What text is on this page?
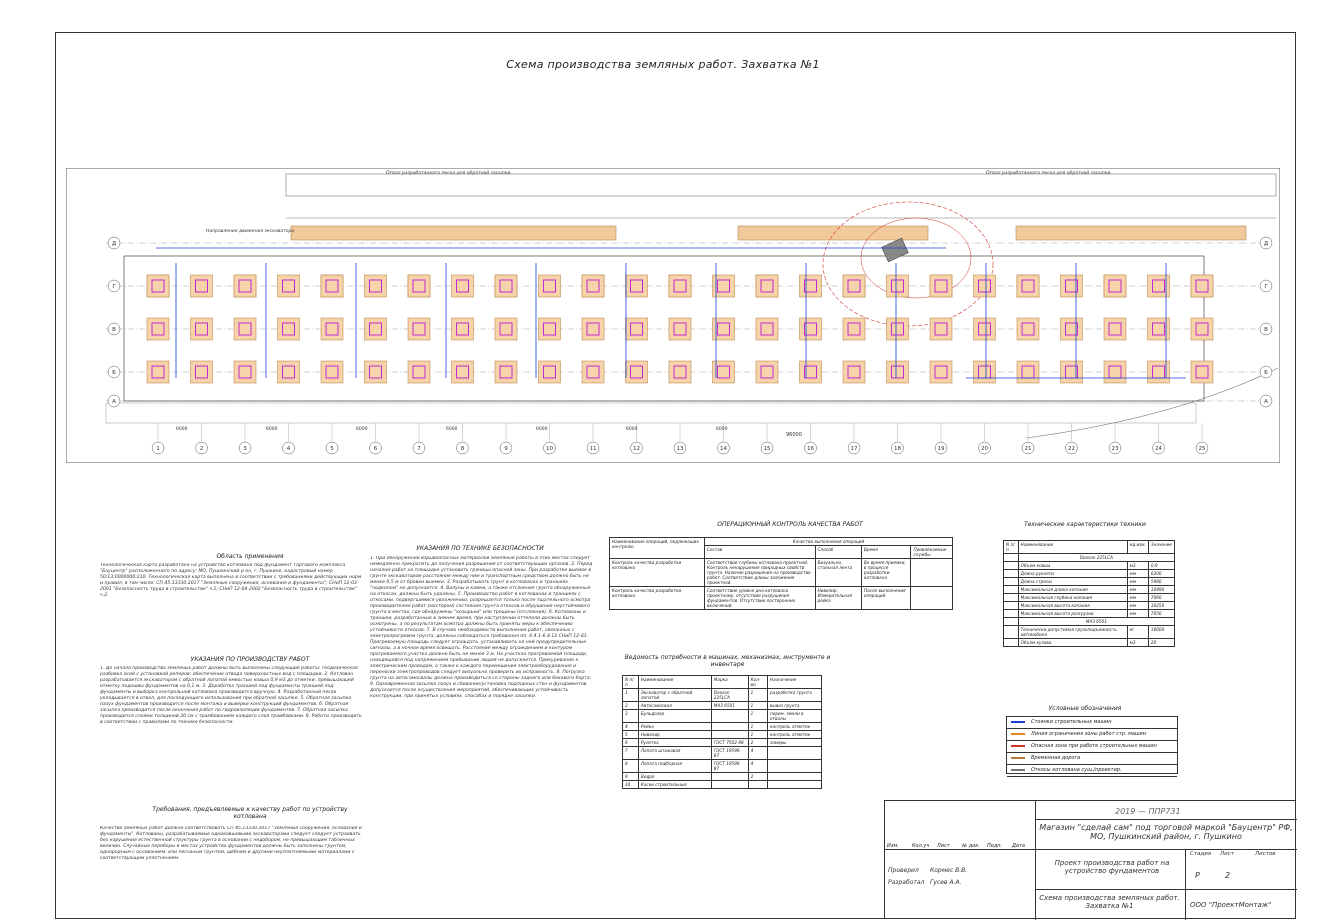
Схема производства земляных работ. Захватка №1
1	2	3	4	5	6	7	8	9	10	11	12	13	14	15	16	17	18	19	20	21	22	23	24	25
6000	6000	6000	6000	6000	6000	6000
Д	Д
Г	Г
В	В
Б	Б
А	А
Направление движения экскаватора
Отвал разработанного песка для обратной засыпки	Отвал разработанного песка для обратной засыпки
96000
Область применения
Технологическая карта разработана на устройство котлована под фундамент Торгового комплекса "Бауцентр" расположенного по адресу: МО, Пушкинский р-он, г. Пушкино, кадастровый номер 50:13:0000000:210. Технологическая карта выполнена в соответствии с требованиями действующих норм и правил, в том числе: СП 45.13330.2017 "Земляные сооружения, основания и фундаменты"; СНиП 12-03-2001 "Безопасность труда в строительстве" ч.1; СНиП 12-04-2002 "Безопасность труда в строительстве" ч.2.
УКАЗАНИЯ ПО ПРОИЗВОДСТВУ РАБОТ
1. До начала производства земляных работ должны быть выполнены следующие работы: геодезическая разбивка осей с установкой реперов; обеспечение отвода поверхностных вод с площадки. 2. Котлован разрабатывается экскаватором с обратной лопатой емкостью ковша 0,9 м3 до отметки, превышающей отметку подошвы фундаментов на 0,1 м. 3. Доработка траншей под фундаменты траншей под фундаменты и выборка контрольной котлована производится вручную. 4. Разработанный песок укладывается в отвал, для последующего использования при обратной засыпке. 5. Обратная засыпка пазух фундаментов производится после монтажа и выверки конструкций фундаментов. 6. Обратная засыпка производится после окончания работ по гидроизоляции фундаментов. 7. Обратная засыпка производится слоями толщиной 20 см с трамбованием каждого слоя трамбовками. 8. Работы производить в соответствии с правилами по технике безопасности.
Требования, предъявляемые к качеству работ по устройству котлована
Качество земляных работ должно соответствовать СП 45.13330.2017 "Земляные сооружения, основания и фундаменты". Котлованы, разрабатываемые одноковшовыми экскаваторами следует следует устраивать без нарушения естественной структуры грунта в основании с недобором, не превышающим табличных величин. Случайные переборы в местах устройства фундаментов должны быть заполнены грунтом, однородным с основанием, или песчаным грунтом, щебнем и другими неуплотняемыми материалами с соответствующим уплотнением.
УКАЗАНИЯ ПО ТЕХНИКЕ БЕЗОПАСНОСТИ
1. При обнаружении взрывоопасных материалов земляные работы в этих местах следует немедленно прекратить до получения разрешения от соответствующих органов. 2. Перед началом работ на площадке установить границы опасной зоны. При разработке выемок в грунте экскаватором расстояние между ним и транспортным средством должно быть не менее 0,5 м от бровки выемки. 3. Разрабатывать грунт в котлованах и траншеях "подкопом" не допускается. 4. Валуны и камни, а также отслоения грунта обнаруженные на откосах, должны быть удалены. 5. Производство работ в котлованах и траншеях с откосами, подвергшимися увлажнению, разрешается только после тщательного осмотра производителем работ (мастером) состояния грунта откосов и обрушения неустойчивого грунта в местах, где обнаружены "козырьки" или трещины (отслоения). 6. Котлованы и траншеи, разработанные в зимнее время, при наступлении оттепели должны быть осмотрены, а по результатам осмотра должны быть приняты меры к обеспечению устойчивости откосов. 7. В случаях необходимости выполнения работ, связанных с электропрогревом грунта, должны соблюдаться требования пп. 6.4.1-6.4.12 СНиП 12-03. Прогреваемую площадь следует ограждать, устанавливать на ней предупредительные сигналы, а в ночное время освещать. Расстояние между ограждением и контуром прогреваемого участка должно быть не менее 3 м. На участках прогреваемой площади, находящейся под напряжением пребывание людей не допускается. Прикуривание к электрическим проводам, а также к каждого перемещения электрооборудования и переноски электропроводов следует визуально проверить их исправность. 8. Погрузка грунта на автосамосвалы должна производиться со стороны заднего или бокового борта. 9. Одновременная засыпка пазух и сбивание/установка подпорных стен и фундаментов допускается после осуществления мероприятий, обеспечивающих устойчивость конструкции, при принятых условиях, способах и порядке засыпки.
ОПЕРАЦИОННЫЙ КОНТРОЛЬ КАЧЕСТВА РАБОТ
Наименование операций, подлежащих контролю	Качество выполнения операций			
	Состав	Способ	Время	Привлекаемые службы
Контроль качества разработки котлована	Соответствие глубины котлована проектной. Контроль ненарушения природных свойств грунта. Наличие разрешения на производство работ. Соответствие длины заложения проектной.	Визуально, стальная лента	Во время приемки, в процессе разработки котлована	
Контроль качества разработки котлована	Соответствие уровня дна котлована проектному, отсутствие разрушения фундаментов. Отсутствие посторонних включений.	Нивелир, Измерительная рейка	После выполнения операций	
Ведомость потребности в машинах, механизмах, инструменте и инвентаре
N п/п	Наименование	Марка	Кол-во	Назначение
1	Экскаватор с обратной лопатой	Doosan 225LCA	1	разработка грунта
2	Автосамосвал	MAЗ 6501	1	вывоз грунта
3	Бульдозер		1	перем. земли в отвалы
4	Рейка		1	контроль отметок
5	Нивелир		1	контроль отметок
6	Рулетка	ГОСТ 7502-98	2	замеры
7	Лопата штыковая	ГОСТ 19596-87	4	
8	Лопата подборная	ГОСТ 19596-87	4	
9	Ведро		2	
10	Каски строительные			
Технические характеристики техники
N п/п	Наименование	ед.изм.	Значение
	Doosan 225LCA		
	Объем ковша	м3	0,9
	Длина рукояти	мм	6200
	Длина стрелы	мм	5980
	Максимальная длина копания	мм	10490
	Максимальная глубина копания	мм	7060
	Максимальная высота копания	мм	10250
	Максимальная высота разгрузки	мм	7050
	МАЗ 6501		
	Технически допустимая грузоподъемность автомобиля	кг	16000
	Объем кузова	м3	20
Условные обозначения
Стоянки строительных машин
Линия ограничения зоны работ стр. машин
Опасная зона при работе строительных машин
Временная дорога
Откосы котлована сущ./проектир.
2019 — ППР731
Магазин "сделай сам" под торговой маркой "Бауцентр" РФ, МО, Пушкинский район, г. Пушкино
Изм.	Кол.уч Лист № док. Подп. Дата
Проект производства работ на устройство фундаментов
Стадия Лист	Листов
Р	2
Схема производства земляных работ. Захватка №1	ООО "ПроектМонтаж"
Проверил Кормес В.В.
Разработал Гусев А.А.
